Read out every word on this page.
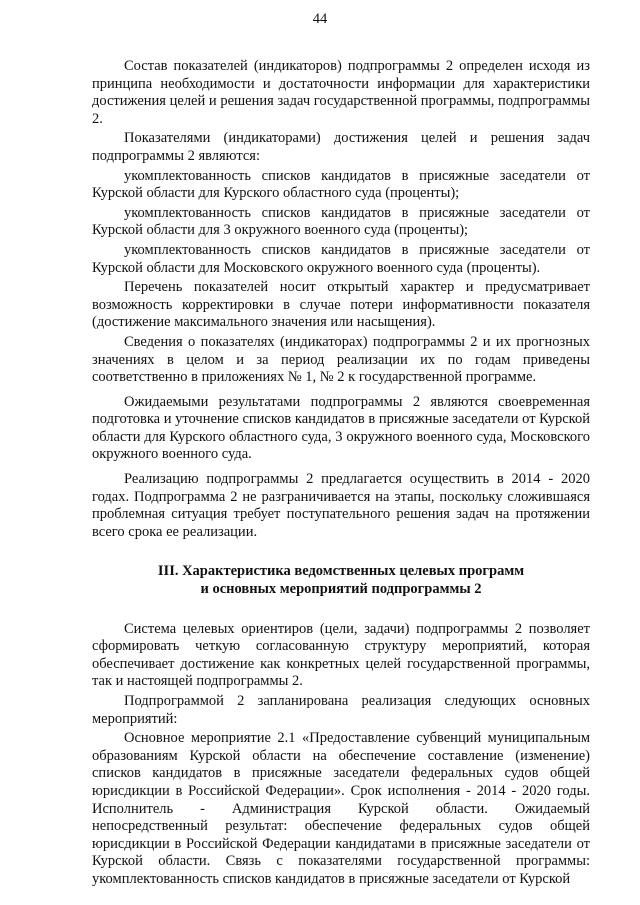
44

Состав показателей (индикаторов) подпрограммы 2 определен исходя из принципа необходимости и достаточности информации для характеристики достижения целей и решения задач государственной программы, подпрограммы 2.

Показателями (индикаторами) достижения целей и решения задач подпрограммы 2 являются:

укомплектованность списков кандидатов в присяжные заседатели от Курской области для Курского областного суда (проценты);

укомплектованность списков кандидатов в присяжные заседатели от Курской области для 3 окружного военного суда (проценты);

укомплектованность списков кандидатов в присяжные заседатели от Курской области для Московского окружного военного суда (проценты).

Перечень показателей носит открытый характер и предусматривает возможность корректировки в случае потери информативности показателя (достижение максимального значения или насыщения).

Сведения о показателях (индикаторах) подпрограммы 2 и их прогнозных значениях в целом и за период реализации их по годам приведены соответственно в приложениях № 1, № 2 к государственной программе.

Ожидаемыми результатами подпрограммы 2 являются своевременная подготовка и уточнение списков кандидатов в присяжные заседатели от Курской области для Курского областного суда, 3 окружного военного суда, Московского окружного военного суда.

Реализацию подпрограммы 2 предлагается осуществить в 2014 - 2020 годах. Подпрограмма 2 не разграничивается на этапы, поскольку сложившаяся проблемная ситуация требует поступательного решения задач на протяжении всего срока ее реализации.

III. Характеристика ведомственных целевых программ
и основных мероприятий подпрограммы 2

Система целевых ориентиров (цели, задачи) подпрограммы 2 позволяет сформировать четкую согласованную структуру мероприятий, которая обеспечивает достижение как конкретных целей государственной программы, так и настоящей подпрограммы 2.

Подпрограммой 2 запланирована реализация следующих основных мероприятий:

Основное мероприятие 2.1 «Предоставление субвенций муниципальным образованиям Курской области на обеспечение составление (изменение) списков кандидатов в присяжные заседатели федеральных судов общей юрисдикции в Российской Федерации». Срок исполнения - 2014 - 2020 годы. Исполнитель - Администрация Курской области. Ожидаемый непосредственный результат: обеспечение федеральных судов общей юрисдикции в Российской Федерации кандидатами в присяжные заседатели от Курской области. Связь с показателями государственной программы: укомплектованность списков кандидатов в присяжные заседатели от Курской
